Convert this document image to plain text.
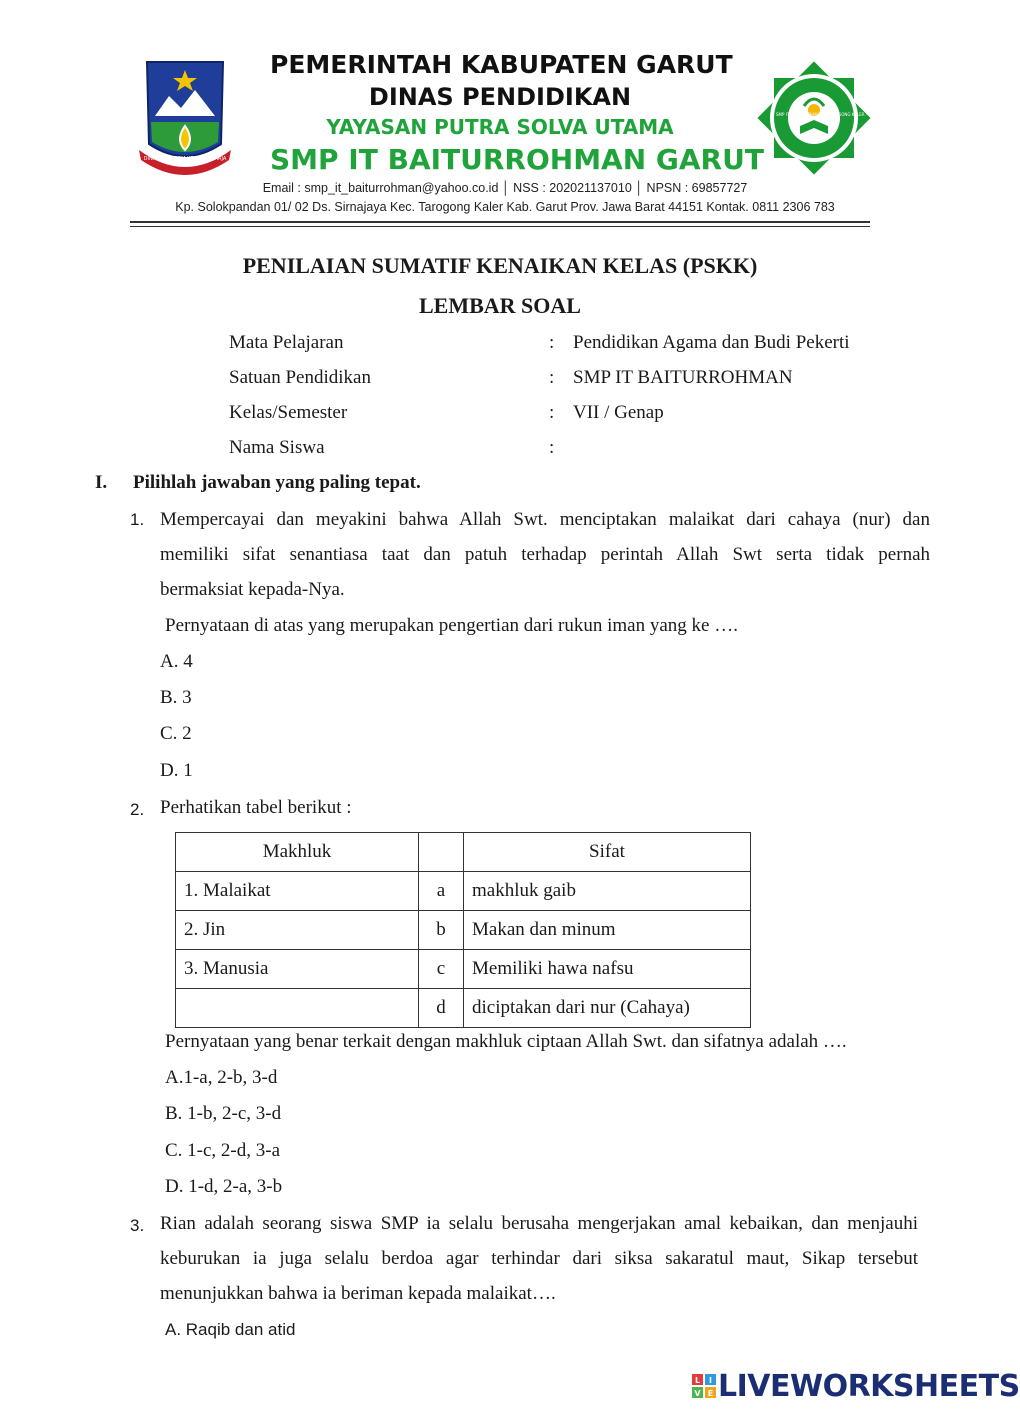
DINA TENGTREM KERTA RAHARJA
PEMERINTAH KABUPATEN GARUT
DINAS PENDIDIKAN
YAYASAN PUTRA SOLVA UTAMA
SMP IT BAITURROHMAN GARUT
SMP IT BAITURROHMAN · TAROGONG KALER · GARUT
Email : smp_it_baiturrohman@yahoo.co.id │ NSS : 202021137010 │ NPSN : 69857727
Kp. Solokpandan 01/ 02 Ds. Sirnajaya Kec. Tarogong Kaler Kab. Garut Prov. Jawa Barat 44151 Kontak. 0811 2306 783
PENILAIAN SUMATIF KENAIKAN KELAS (PSKK)
LEMBAR SOAL
Mata Pelajaran	: Pendidikan Agama dan Budi Pekerti
Satuan Pendidikan	: SMP IT BAITURROHMAN
Kelas/Semester	: VII / Genap
Nama Siswa	:
I. Pilihlah jawaban yang paling tepat.
1. Mempercayai dan meyakini bahwa Allah Swt. menciptakan malaikat dari cahaya (nur) dan
memiliki sifat senantiasa taat dan patuh terhadap perintah Allah Swt serta tidak pernah
bermaksiat kepada-Nya.
Pernyataan di atas yang merupakan pengertian dari rukun iman yang ke ….
A. 4
B. 3
C. 2
D. 1
2. Perhatikan tabel berikut :
Makhluk		Sifat
1. Malaikat	a	makhluk gaib
2. Jin	b	Makan dan minum
3. Manusia	c	Memiliki hawa nafsu
	d	diciptakan dari nur (Cahaya)
Pernyataan yang benar terkait dengan makhluk ciptaan Allah Swt. dan sifatnya adalah ….
A.1-a, 2-b, 3-d
B. 1-b, 2-c, 3-d
C. 1-c, 2-d, 3-a
D. 1-d, 2-a, 3-b
3. Rian adalah seorang siswa SMP ia selalu berusaha mengerjakan amal kebaikan, dan menjauhi
keburukan ia juga selalu berdoa agar terhindar dari siksa sakaratul maut, Sikap tersebut
menunjukkan bahwa ia beriman kepada malaikat….
A. Raqib dan atid
L I
V E LIVEWORKSHEETS
